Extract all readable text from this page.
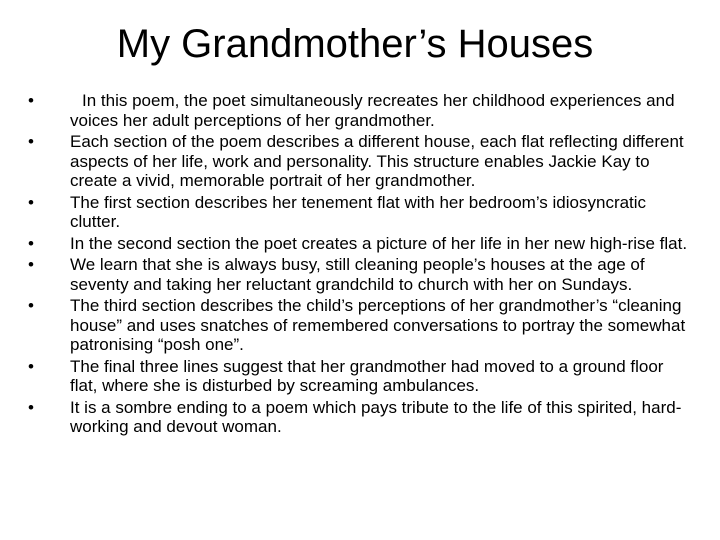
My Grandmother’s Houses
•	In this poem, the poet simultaneously recreates her childhood experiences and voices her adult perceptions of her grandmother.
•	Each section of the poem describes a different house, each flat reflecting different aspects of her life, work and personality. This structure enables Jackie Kay to create a vivid, memorable portrait of her grandmother.
•	The first section describes her tenement flat with her bedroom’s idiosyncratic clutter.
•	In the second section the poet creates a picture of her life in her new high-rise flat.
•	We learn that she is always busy, still cleaning people’s houses at the age of seventy and taking her reluctant grandchild to church with her on Sundays.
•	The third section describes the child’s perceptions of her grandmother’s “cleaning house” and uses snatches of remembered conversations to portray the somewhat patronising “posh one”.
•	The final three lines suggest that her grandmother had moved to a ground floor flat, where she is disturbed by screaming ambulances.
•	It is a sombre ending to a poem which pays tribute to the life of this spirited, hard-working and devout woman.
